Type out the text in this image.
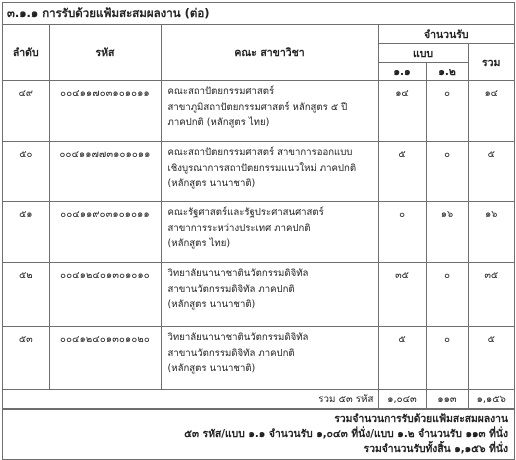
๓.๑.๑ การรับด้วยแฟ้มสะสมผลงาน (ต่อ)
ลำดับ	รหัส	คณะ สาขาวิชา	จำนวนรับ		
			แบบ		รวม
			๑.๑	๑.๒	
๔๙	๐๐๔๑๑๗๐๓๑๐๑๐๑๑	คณะสถาปัตยกรรมศาสตร์
สาขาภูมิสถาปัตยกรรมศาสตร์ หลักสูตร ๕ ปี
ภาคปกติ (หลักสูตร ไทย)	๑๔	๐	๑๔
๕๐	๐๐๔๑๑๗๗๓๑๐๑๐๑๑	คณะสถาปัตยกรรมศาสตร์ สาขาการออกแบบ
เชิงบูรณาการสถาปัตยกรรมแนวใหม่ ภาคปกติ
(หลักสูตร นานาชาติ)	๕	๐	๕
๕๑	๐๐๔๑๑๙๐๓๑๐๑๐๑๑	คณะรัฐศาสตร์และรัฐประศาสนศาสตร์
สาขาการระหว่างประเทศ ภาคปกติ
(หลักสูตร ไทย)	๐	๑๖	๑๖
๕๒	๐๐๔๑๒๔๐๑๓๐๑๐๑๐	วิทยาลัยนานาชาตินวัตกรรมดิจิทัล
สาขานวัตกรรมดิจิทัล ภาคปกติ
(หลักสูตร นานาชาติ)	๓๕	๐	๓๕
๕๓	๐๐๔๑๒๔๐๑๓๐๑๐๒๐	วิทยาลัยนานาชาตินวัตกรรมดิจิทัล
สาขานวัตกรรมดิจิทัล ภาคปกติ
(หลักสูตร นานาชาติ)	๕	๐	๕
รวม ๕๓ รหัส			๑,๐๔๓	๑๑๓	๑,๑๕๖
รวมจำนวนการรับด้วยแฟ้มสะสมผลงาน
๕๓ รหัส/แบบ ๑.๑ จำนวนรับ ๑,๐๔๓ ที่นั่ง/แบบ ๑.๒ จำนวนรับ ๑๑๓ ที่นั่ง
รวมจำนวนรับทั้งสิ้น ๑,๑๕๖ ที่นั่ง
